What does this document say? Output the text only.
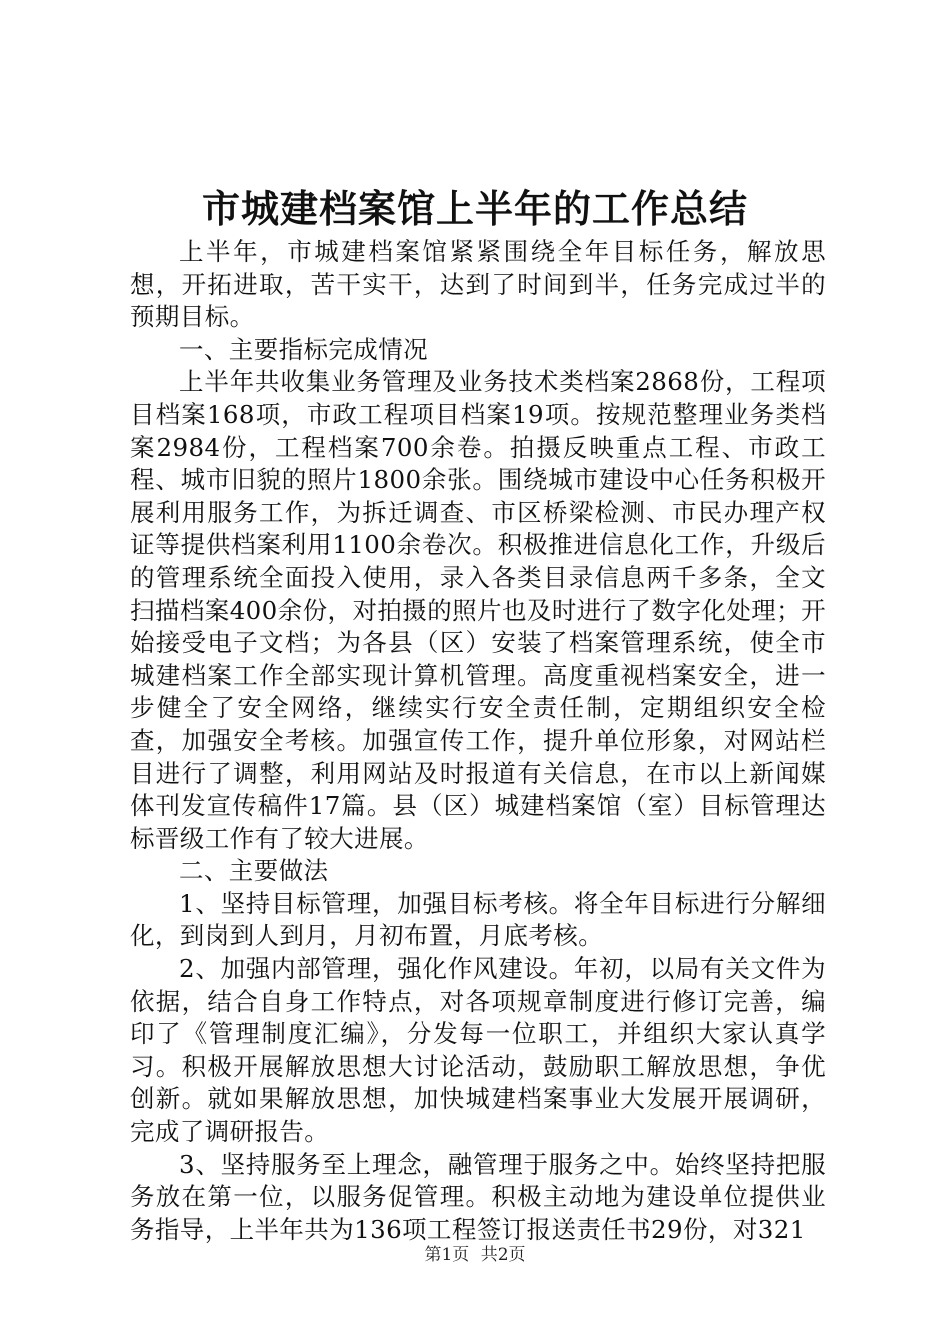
市城建档案馆上半年的工作总结

上半年，市城建档案馆紧紧围绕全年目标任务，解放思想，开拓进取，苦干实干，达到了时间到半，任务完成过半的预期目标。

一、主要指标完成情况

上半年共收集业务管理及业务技术类档案2868份，工程项目档案168项，市政工程项目档案19项。按规范整理业务类档案2984份，工程档案700余卷。拍摄反映重点工程、市政工程、城市旧貌的照片1800余张。围绕城市建设中心任务积极开展利用服务工作，为拆迁调查、市区桥梁检测、市民办理产权证等提供档案利用1100余卷次。积极推进信息化工作，升级后的管理系统全面投入使用，录入各类目录信息两千多条，全文扫描档案400余份，对拍摄的照片也及时进行了数字化处理；开始接受电子文档；为各县（区）安装了档案管理系统，使全市城建档案工作全部实现计算机管理。高度重视档案安全，进一步健全了安全网络，继续实行安全责任制，定期组织安全检查，加强安全考核。加强宣传工作，提升单位形象，对网站栏目进行了调整，利用网站及时报道有关信息，在市以上新闻媒体刊发宣传稿件17篇。县（区）城建档案馆（室）目标管理达标晋级工作有了较大进展。

二、主要做法

1、坚持目标管理，加强目标考核。将全年目标进行分解细化，到岗到人到月，月初布置，月底考核。

2、加强内部管理，强化作风建设。年初，以局有关文件为依据，结合自身工作特点，对各项规章制度进行修订完善，编印了《管理制度汇编》，分发每一位职工，并组织大家认真学习。积极开展解放思想大讨论活动，鼓励职工解放思想，争优创新。就如果解放思想，加快城建档案事业大发展开展调研，完成了调研报告。

3、坚持服务至上理念，融管理于服务之中。始终坚持把服务放在第一位，以服务促管理。积极主动地为建设单位提供业务指导，上半年共为136项工程签订报送责任书29份，对321

第1页 共2页
